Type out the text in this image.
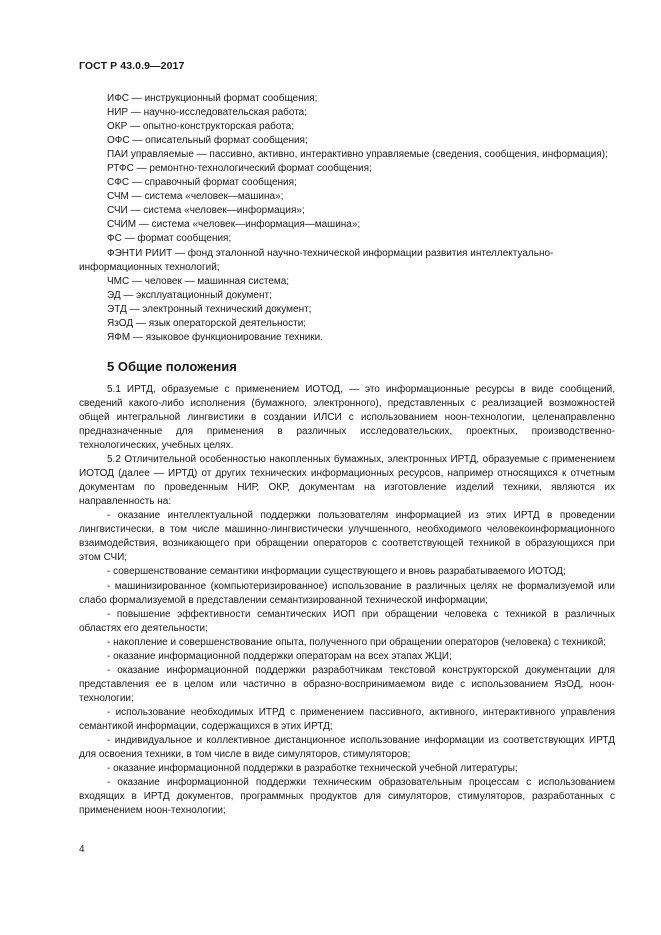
ГОСТ Р 43.0.9—2017

ИФС — инструкционный формат сообщения;

НИР — научно-исследовательская работа;

ОКР — опытно-конструкторская работа;

ОФС — описательный формат сообщения;

ПАИ управляемые — пассивно, активно, интерактивно управляемые (сведения, сообщения, информация);

РТФС — ремонтно-технологический формат сообщения;

СФС — справочный формат сообщения;

СЧМ — система «человек—машина»;

СЧИ — система «человек—информация»;

СЧИМ — система «человек—информация—машина»;

ФС — формат сообщения;

ФЭНТИ РИИТ — фонд эталонной научно-технической информации развития интеллектуально-информационных технологий;

ЧМС — человек — машинная система;

ЭД — эксплуатационный документ;

ЭТД — электронный технический документ;

ЯзОД — язык операторской деятельности;

ЯФМ — языковое функционирование техники.

5 Общие положения

5.1 ИРТД, образуемые с применением ИОТОД, — это информационные ресурсы в виде сообщений, сведений какого-либо исполнения (бумажного, электронного), представленных с реализацией возможностей общей интегральной лингвистики в создании ИЛСИ с использованием ноон-технологии, целенаправленно предназначенные для применения в различных исследовательских, проектных, производственно-технологических, учебных целях.

5.2 Отличительной особенностью накопленных бумажных, электронных ИРТД, образуемые с применением ИОТОД (далее — ИРТД) от других технических информационных ресурсов, например относящихся к отчетным документам по проведенным НИР, ОКР, документам на изготовление изделий техники, являются их направленность на:

- оказание интеллектуальной поддержки пользователям информацией из этих ИРТД в проведении лингвистически, в том числе машинно-лингвистически улучшенного, необходимого человекоинформационного взаимодействия, возникающего при обращении операторов с соответствующей техникой в образующихся при этом СЧИ;

- совершенствование семантики информации существующего и вновь разрабатываемого ИОТОД;

- машинизированное (компьютеризированное) использование в различных целях не формализуемой или слабо формализуемой в представлении семантизированной технической информации;

- повышение эффективности семантических ИОП при обращении человека с техникой в различных областях его деятельности;

- накопление и совершенствование опыта, полученного при обращении операторов (человека) с техникой;

- оказание информационной поддержки операторам на всех этапах ЖЦИ;

- оказание информационной поддержки разработчикам текстовой конструкторской документации для представления ее в целом или частично в образно-воспринимаемом виде с использованием ЯзОД, ноон-технологии;

- использование необходимых ИТРД с применением пассивного, активного, интерактивного управления семантикой информации, содержащихся в этих ИРТД;

- индивидуальное и коллективное дистанционное использование информации из соответствующих ИРТД для освоения техники, в том числе в виде симуляторов, стимуляторов;

- оказание информационной поддержки в разработке технической учебной литературы;

- оказание информационной поддержки техническим образовательным процессам с использованием входящих в ИРТД документов, программных продуктов для симуляторов, стимуляторов, разработанных с применением ноон-технологии;

4
